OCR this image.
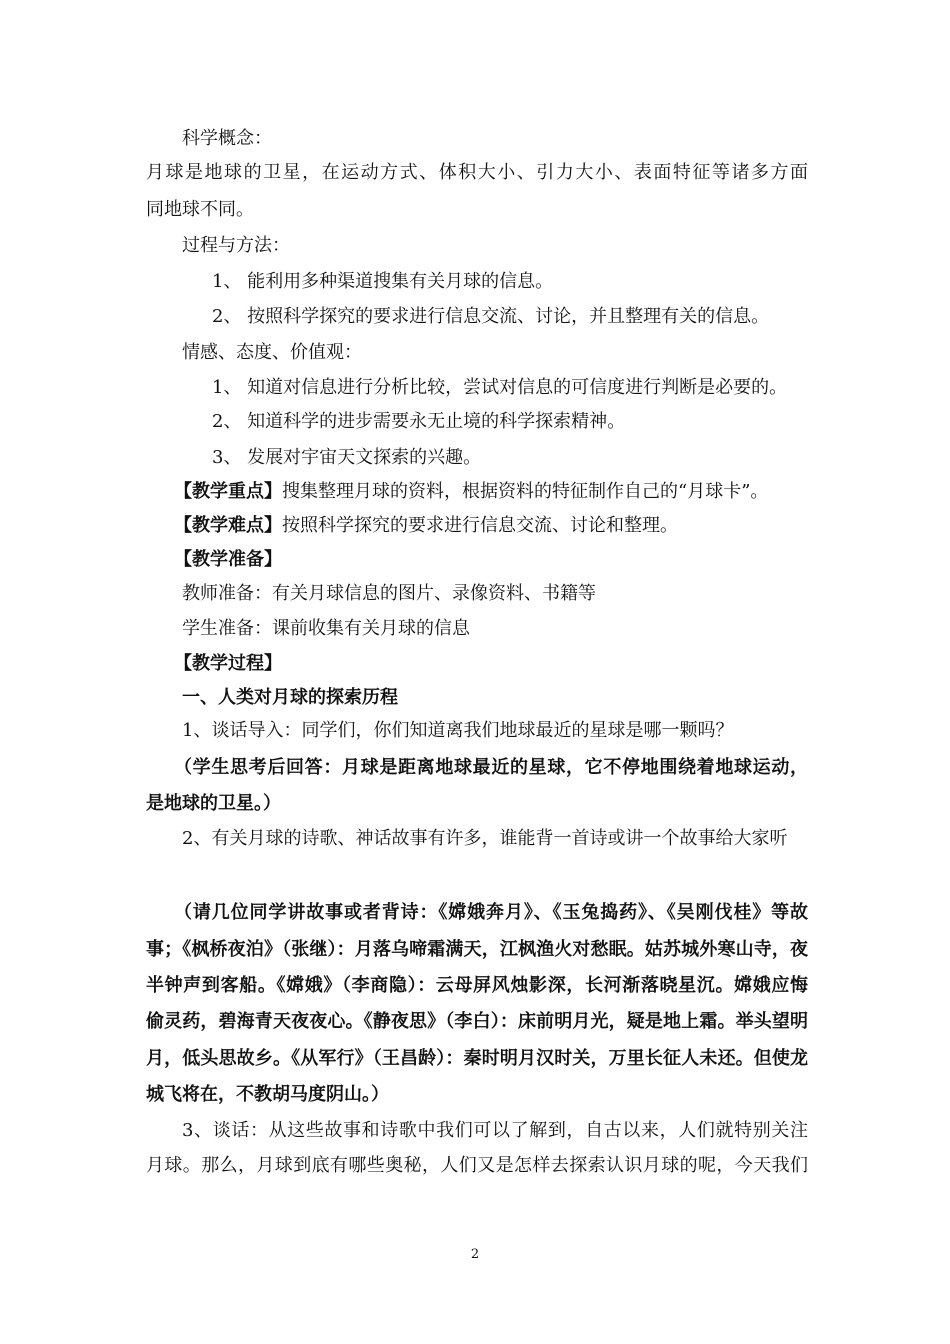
科学概念：
月球是地球的卫星，在运动方式、体积大小、引力大小、表面特征等诸多方面
同地球不同。
过程与方法：
1、 能利用多种渠道搜集有关月球的信息。
2、 按照科学探究的要求进行信息交流、讨论，并且整理有关的信息。
情感、态度、价值观：
1、 知道对信息进行分析比较，尝试对信息的可信度进行判断是必要的。
2、 知道科学的进步需要永无止境的科学探索精神。
3、 发展对宇宙天文探索的兴趣。
【教学重点】搜集整理月球的资料，根据资料的特征制作自己的“月球卡”。
【教学难点】按照科学探究的要求进行信息交流、讨论和整理。
【教学准备】
教师准备：有关月球信息的图片、录像资料、书籍等
学生准备：课前收集有关月球的信息
【教学过程】
一、人类对月球的探索历程
1、谈话导入：同学们，你们知道离我们地球最近的星球是哪一颗吗？
（学生思考后回答：月球是距离地球最近的星球，它不停地围绕着地球运动，
是地球的卫星。）
2、有关月球的诗歌、神话故事有许多，谁能背一首诗或讲一个故事给大家听
（请几位同学讲故事或者背诗：《嫦娥奔月》、《玉兔捣药》、《吴刚伐桂》等故
事；《枫桥夜泊》（张继）：月落乌啼霜满天，江枫渔火对愁眠。姑苏城外寒山寺，夜
半钟声到客船。《嫦娥》（李商隐）：云母屏风烛影深，长河渐落晓星沉。嫦娥应悔
偷灵药，碧海青天夜夜心。《静夜思》（李白）：床前明月光，疑是地上霜。举头望明
月，低头思故乡。《从军行》（王昌龄）：秦时明月汉时关，万里长征人未还。但使龙
城飞将在，不教胡马度阴山。）
3、谈话：从这些故事和诗歌中我们可以了解到，自古以来，人们就特别关注
月球。那么，月球到底有哪些奥秘，人们又是怎样去探索认识月球的呢，今天我们
2
